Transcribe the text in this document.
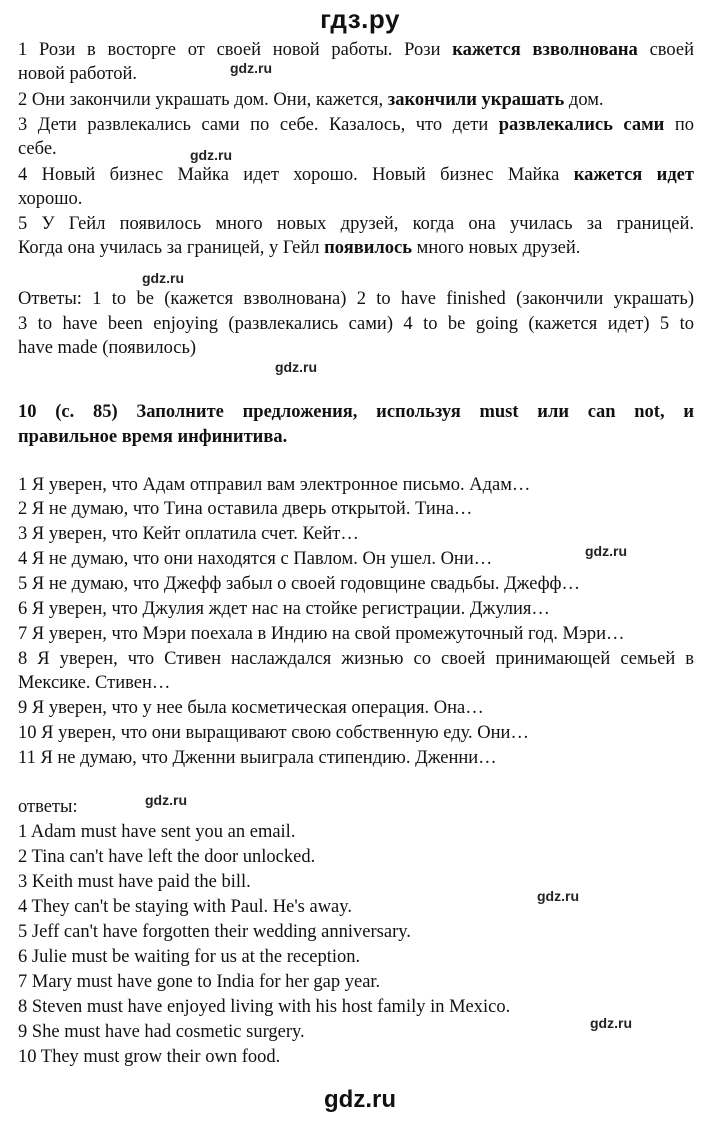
гдз.ру
1 Рози в восторге от своей новой работы. Рози кажется взволнована своей
новой работой.	gdz.ru
2 Они закончили украшать дом. Они, кажется, закончили украшать дом.
3 Дети развлекались сами по себе. Казалось, что дети развлекались сами по
себе.	gdz.ru
4 Новый бизнес Майка идет хорошо. Новый бизнес Майка кажется идет
хорошо.
5 У Гейл появилось много новых друзей, когда она училась за границей.
Когда она училась за границей, у Гейл появилось много новых друзей.
gdz.ru
Ответы: 1 to be (кажется взволнована) 2 to have finished (закончили украшать)
3 to have been enjoying (развлекались сами) 4 to be going (кажется идет) 5 to
have made (появилось)
gdz.ru
10 (с. 85) Заполните предложения, используя must или can not, и
правильное время инфинитива.
1 Я уверен, что Адам отправил вам электронное письмо. Адам…
2 Я не думаю, что Тина оставила дверь открытой. Тина…
3 Я уверен, что Кейт оплатила счет. Кейт…
4 Я не думаю, что они находятся с Павлом. Он ушел. Они…	gdz.ru
5 Я не думаю, что Джефф забыл о своей годовщине свадьбы. Джефф…
6 Я уверен, что Джулия ждет нас на стойке регистрации. Джулия…
7 Я уверен, что Мэри поехала в Индию на свой промежуточный год. Мэри…
8 Я уверен, что Стивен наслаждался жизнью со своей принимающей семьей в
Мексике. Стивен…
9 Я уверен, что у нее была косметическая операция. Она…
10 Я уверен, что они выращивают свою собственную еду. Они…
11 Я не думаю, что Дженни выиграла стипендию. Дженни…
ответы:	gdz.ru
1 Adam must have sent you an email.
2 Tina can't have left the door unlocked.
3 Keith must have paid the bill.
gdz.ru
4 They can't be staying with Paul. He's away.
5 Jeff can't have forgotten their wedding anniversary.
6 Julie must be waiting for us at the reception.
7 Mary must have gone to India for her gap year.
8 Steven must have enjoyed living with his host family in Mexico.
gdz.ru
9 She must have had cosmetic surgery.
10 They must grow their own food.
gdz.ru
